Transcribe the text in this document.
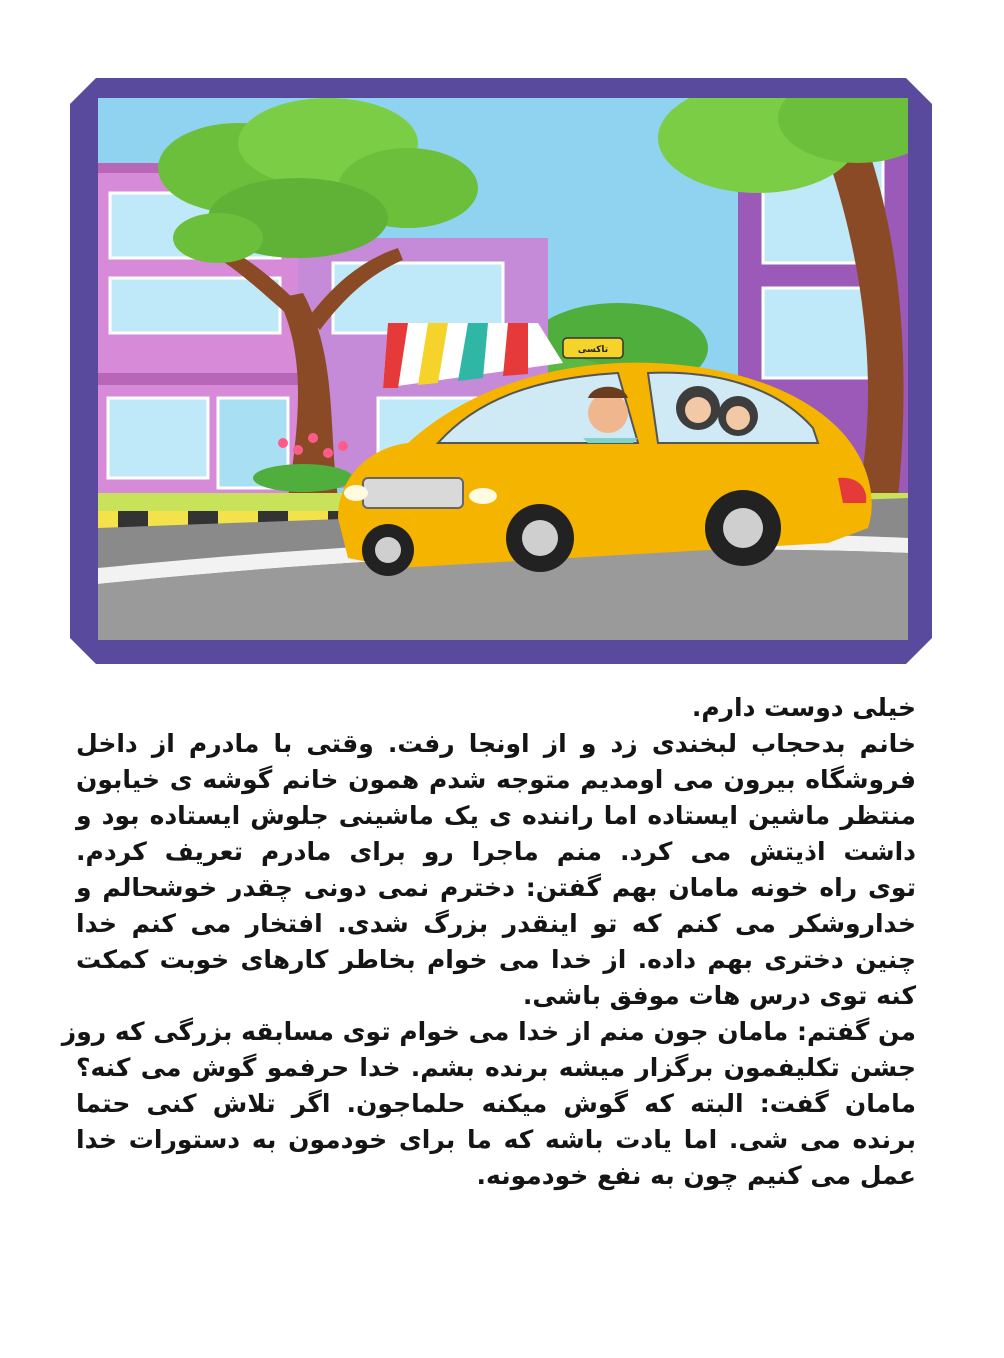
تاکسی
خیلی دوست دارم.
خانم بدحجاب لبخندی زد و از اونجا رفت. وقتی با مادرم از داخل
فروشگاه بیرون می اومدیم متوجه شدم همون خانم گوشه ی خیابون
منتظر ماشین ایستاده اما راننده ی یک ماشینی جلوش ایستاده بود و
داشت اذیتش می کرد. منم ماجرا رو برای مادرم تعریف کردم.
توی راه خونه مامان بهم گفتن: دخترم نمی دونی چقدر خوشحالم و
خداروشکر می کنم که تو اینقدر بزرگ شدی. افتخار می کنم خدا
چنین دختری بهم داده. از خدا می خوام بخاطر کارهای خوبت کمکت
کنه توی درس هات موفق باشی.
من گفتم: مامان جون منم از خدا می خوام توی مسابقه بزرگی که روز
جشن تکلیفمون برگزار میشه برنده بشم. خدا حرفمو گوش می کنه؟
مامان گفت: البته که گوش میکنه حلماجون. اگر تلاش کنی حتما
برنده می شی. اما یادت باشه که ما برای خودمون به دستورات خدا
عمل می کنیم چون به نفع خودمونه.
